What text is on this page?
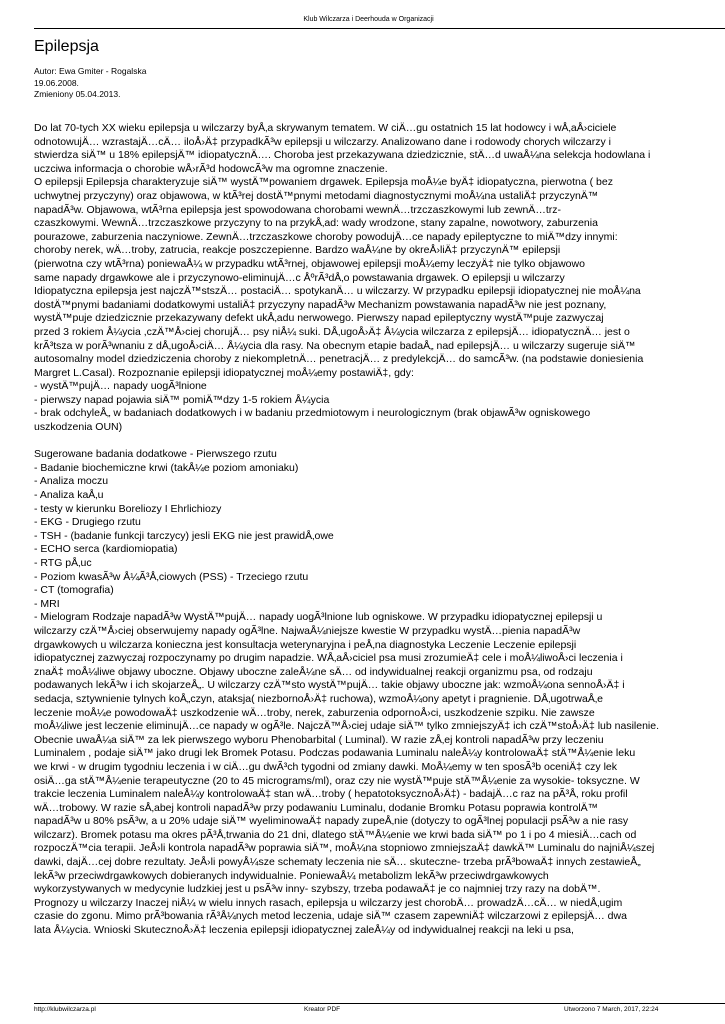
Klub Wilczarza i Deerhouda w Organizacji
Epilepsja
Autor: Ewa Gmiter - Rogalska
19.06.2008.
Zmieniony 05.04.2013.
Do lat 70-tych XX wieku epilepsja u wilczarzy byÅ‚a skrywanym tematem. W ciÄ…gu ostatnich 15 lat hodowcy i wÅ‚aÅ›ciciele
odnotowujÄ… wzrastajÄ…cÄ… iloÅ›Ä‡ przypadkÃ³w epilepsji u wilczarzy. Analizowano dane i rodowody chorych wilczarzy i
stwierdza siÄ™ u 18% epilepsjÄ™ idiopatycznÄ…. Choroba jest przekazywana dziedzicznie, stÄ…d uwaÅ¼na selekcja hodowlana i
uczciwa informacja o chorobie wÅ›rÃ³d hodowcÃ³w ma ogromne znaczenie.
O epilepsji Epilepsja charakteryzuje siÄ™ wystÄ™powaniem drgawek. Epilepsja moÅ¼e byÄ‡ idiopatyczna, pierwotna ( bez
uchwytnej przyczyny) oraz objawowa, w ktÃ³rej dostÄ™pnymi metodami diagnostycznymi moÅ¼na ustaliÄ‡ przyczynÄ™
napadÃ³w. Objawowa, wtÃ³rna epilepsja jest spowodowana chorobami wewnÄ…trzczaszkowymi lub zewnÄ…trz-
czaszkowymi. WewnÄ…trzczaszkowe przyczyny to na przykÅ‚ad: wady wrodzone, stany zapalne, nowotwory, zaburzenia
pourazowe, zaburzenia naczyniowe. ZewnÄ…trzczaszkowe choroby powodujÄ…ce napady epileptyczne to miÄ™dzy innymi:
choroby nerek, wÄ…troby, zatrucia, reakcje poszczepienne. Bardzo waÅ¼ne by okreÅ›liÄ‡ przyczynÄ™ epilepsji
(pierwotna czy wtÃ³rna) poniewaÅ¼ w przypadku wtÃ³rnej, objawowej epilepsji moÅ¼emy leczyÄ‡ nie tylko objawowo
same napady drgawkowe ale i przyczynowo-eliminujÄ…c ÅºrÃ³dÅ‚o powstawania drgawek. O epilepsji u wilczarzy
Idiopatyczna epilepsja jest najczÄ™stszÄ… postaciÄ… spotykanÄ… u wilczarzy. W przypadku epilepsji idiopatycznej nie moÅ¼na
dostÄ™pnymi badaniami dodatkowymi ustaliÄ‡ przyczyny napadÃ³w Mechanizm powstawania napadÃ³w nie jest poznany,
wystÄ™puje dziedzicznie przekazywany defekt ukÅ‚adu nerwowego. Pierwszy napad epileptyczny wystÄ™puje zazwyczaj
przed 3 rokiem Å¼ycia ,czÄ™Å›ciej chorujÄ… psy niÅ¼ suki. DÅ‚ugoÅ›Ä‡ Å¼ycia wilczarza z epilepsjÄ… idiopatycznÄ… jest o
krÃ³tsza w porÃ³wnaniu z dÅ‚ugoÅ›ciÄ… Å¼ycia dla rasy. Na obecnym etapie badaÅ„ nad epilepsjÄ… u wilczarzy sugeruje siÄ™
autosomalny model dziedziczenia choroby z niekompletnÄ… penetracjÄ… z predylekcjÄ… do samcÃ³w. (na podstawie doniesienia
Margret L.Casal). Rozpoznanie epilepsji idiopatycznej moÅ¼emy postawiÄ‡, gdy:
- wystÄ™pujÄ… napady uogÃ³lnione
- pierwszy napad pojawia siÄ™ pomiÄ™dzy 1-5 rokiem Å¼ycia
- brak odchyleÅ„ w badaniach dodatkowych i w badaniu przedmiotowym i neurologicznym (brak objawÃ³w ogniskowego
uszkodzenia OUN)
Sugerowane badania dodatkowe - Pierwszego rzutu
- Badanie biochemiczne krwi (takÅ¼e poziom amoniaku)
- Analiza moczu
- Analiza kaÅ‚u
- testy w kierunku Boreliozy I Ehrlichiozy
- EKG - Drugiego rzutu
- TSH - (badanie funkcji tarczycy) jesli EKG nie jest prawidÅ‚owe
- ECHO serca (kardiomiopatia)
- RTG pÅ‚uc
- Poziom kwasÃ³w Å¼Ã³Å‚ciowych (PSS) - Trzeciego rzutu
- CT (tomografia)
- MRI
- Mielogram Rodzaje napadÃ³w WystÄ™pujÄ… napady uogÃ³lnione lub ogniskowe. W przypadku idiopatycznej epilepsji u
wilczarzy czÄ™Å›ciej obserwujemy napady ogÃ³lne. NajwaÅ¼niejsze kwestie W przypadku wystÄ…pienia napadÃ³w
drgawkowych u wilczarza konieczna jest konsultacja weterynaryjna i peÅ‚na diagnostyka Leczenie Leczenie epilepsji
idiopatycznej zazwyczaj rozpoczynamy po drugim napadzie. WÅ‚aÅ›ciciel psa musi zrozumieÄ‡ cele i moÅ¼liwoÅ›ci leczenia i
znaÄ‡ moÅ¼liwe objawy uboczne. Objawy uboczne zaleÅ¼ne sÄ… od indywidualnej reakcji organizmu psa, od rodzaju
podawanych lekÃ³w i ich skojarzeÅ„. U wilczarzy czÄ™sto wystÄ™pujÄ… takie objawy uboczne jak: wzmoÅ¼ona sennoÅ›Ä‡ i
sedacja, sztywnienie tylnych koÅ„czyn, ataksja( niezbornoÅ›Ä‡ ruchowa), wzmoÅ¼ony apetyt i pragnienie. DÅ‚ugotrwaÅ‚e
leczenie moÅ¼e powodowaÄ‡ uszkodzenie wÄ…troby, nerek, zaburzenia odpornoÅ›ci, uszkodzenie szpiku. Nie zawsze
moÅ¼liwe jest leczenie eliminujÄ…ce napady w ogÃ³le. NajczÄ™Å›ciej udaje siÄ™ tylko zmniejszyÄ‡ ich czÄ™stoÅ›Ä‡ lub nasilenie.
Obecnie uwaÅ¼a siÄ™ za lek pierwszego wyboru Phenobarbital ( Luminal). W razie zÅ‚ej kontroli napadÃ³w przy leczeniu
Luminalem , podaje siÄ™ jako drugi lek Bromek Potasu. Podczas podawania Luminalu naleÅ¼y kontrolowaÄ‡ stÄ™Å¼enie leku
we krwi - w drugim tygodniu leczenia i w ciÄ…gu dwÃ³ch tygodni od zmiany dawki. MoÅ¼emy w ten sposÃ³b oceniÄ‡ czy lek
osiÄ…ga stÄ™Å¼enie terapeutyczne (20 to 45 micrograms/ml), oraz czy nie wystÄ™puje stÄ™Å¼enie za wysokie- toksyczne. W
trakcie leczenia Luminalem naleÅ¼y kontrolowaÄ‡ stan wÄ…troby ( hepatotoksycznoÅ›Ä‡) - badajÄ…c raz na pÃ³Å‚ roku profil
wÄ…trobowy. W razie sÅ‚abej kontroli napadÃ³w przy podawaniu Luminalu, dodanie Bromku Potasu poprawia kontrolÄ™
napadÃ³w u 80% psÃ³w, a u 20% udaje siÄ™ wyeliminowaÄ‡ napady zupeÅ‚nie (dotyczy to ogÃ³lnej populacji psÃ³w a nie rasy
wilczarz). Bromek potasu ma okres pÃ³Å‚trwania do 21 dni, dlatego stÄ™Å¼enie we krwi bada siÄ™ po 1 i po 4 miesiÄ…cach od
rozpoczÄ™cia terapii. JeÅ›li kontrola napadÃ³w poprawia siÄ™, moÅ¼na stopniowo zmniejszaÄ‡ dawkÄ™ Luminalu do najniÅ¼szej
dawki, dajÄ…cej dobre rezultaty. JeÅ›li powyÅ¼sze schematy leczenia nie sÄ… skuteczne- trzeba prÃ³bowaÄ‡ innych zestawieÅ„
lekÃ³w przeciwdrgawkowych dobieranych indywidualnie. PoniewaÅ¼ metabolizm lekÃ³w przeciwdrgawkowych
wykorzystywanych w medycynie ludzkiej jest u psÃ³w inny- szybszy, trzeba podawaÄ‡ je co najmniej trzy razy na dobÄ™.
Prognozy u wilczarzy Inaczej niÅ¼ w wielu innych rasach, epilepsja u wilczarzy jest chorobÄ… prowadzÄ…cÄ… w niedÅ‚ugim
czasie do zgonu. Mimo prÃ³bowania rÃ³Å¼nych metod leczenia, udaje siÄ™ czasem zapewniÄ‡ wilczarzowi z epilepsjÄ… dwa
lata Å¼ycia. Wnioski SkutecznoÅ›Ä‡ leczenia epilepsji idiopatycznej zaleÅ¼y od indywidualnej reakcji na leki u psa,
http://klubwilczarza.pl	Kreator PDF	Utworzono 7 March, 2017, 22:24
